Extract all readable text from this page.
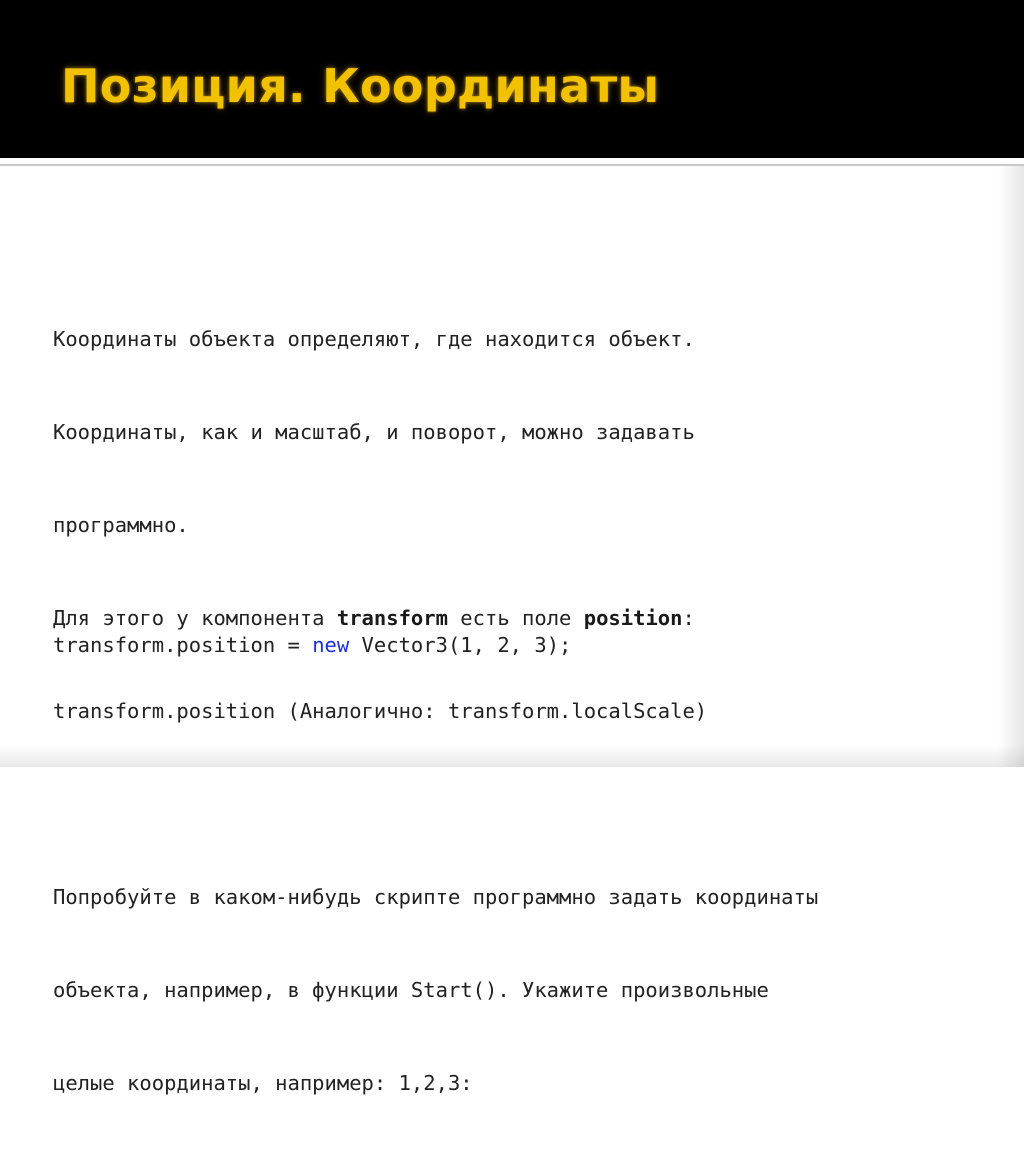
Позиция. Координаты

Координаты объекта определяют, где находится объект.

Координаты, как и масштаб, и поворот, можно задавать

программно.

Для этого у компонента transform есть поле position:

transform.position (Аналогично: transform.localScale)

Попробуйте в каком-нибудь скрипте программно задать координаты

объекта, например, в функции Start(). Укажите произвольные

целые координаты, например: 1,2,3:

transform.position = new Vector3(1, 2, 3);
